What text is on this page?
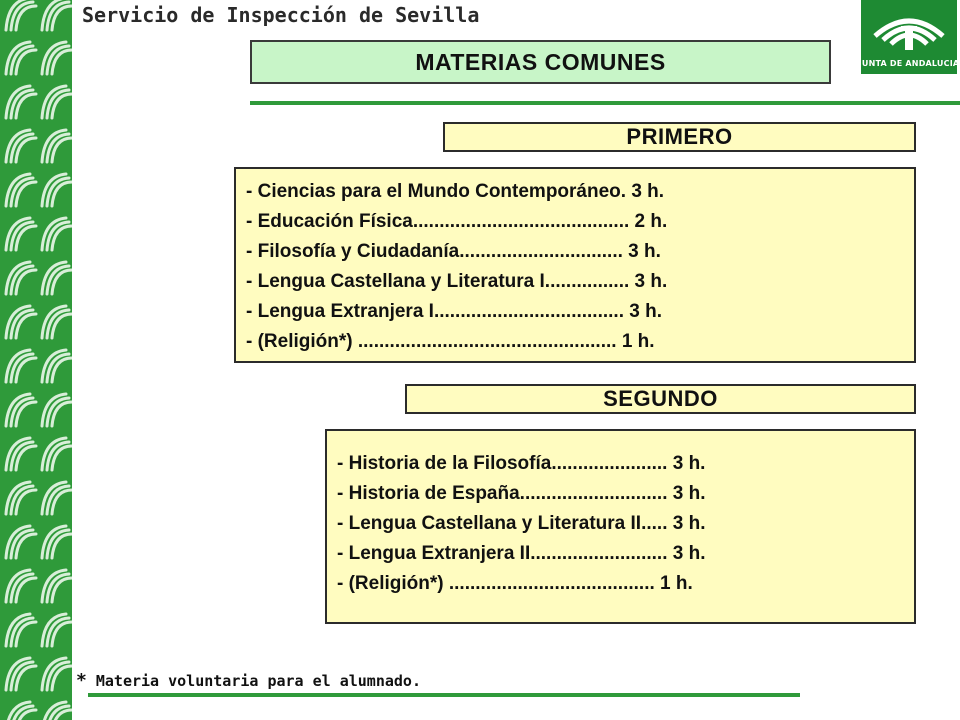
Servicio de Inspección de Sevilla
JUNTA DE ANDALUCIA
MATERIAS COMUNES
PRIMERO
- Ciencias para el Mundo Contemporáneo. 3 h.
- Educación Física......................................... 2 h.
- Filosofía y Ciudadanía............................... 3 h.
- Lengua Castellana y Literatura I................ 3 h.
- Lengua Extranjera I.................................... 3 h.
- (Religión*) ................................................. 1 h.
SEGUNDO
- Historia de la Filosofía...................... 3 h.
- Historia de España............................ 3 h.
- Lengua Castellana y Literatura II..... 3 h.
- Lengua Extranjera II.......................... 3 h.
- (Religión*) ....................................... 1 h.
* Materia voluntaria para el alumnado.
